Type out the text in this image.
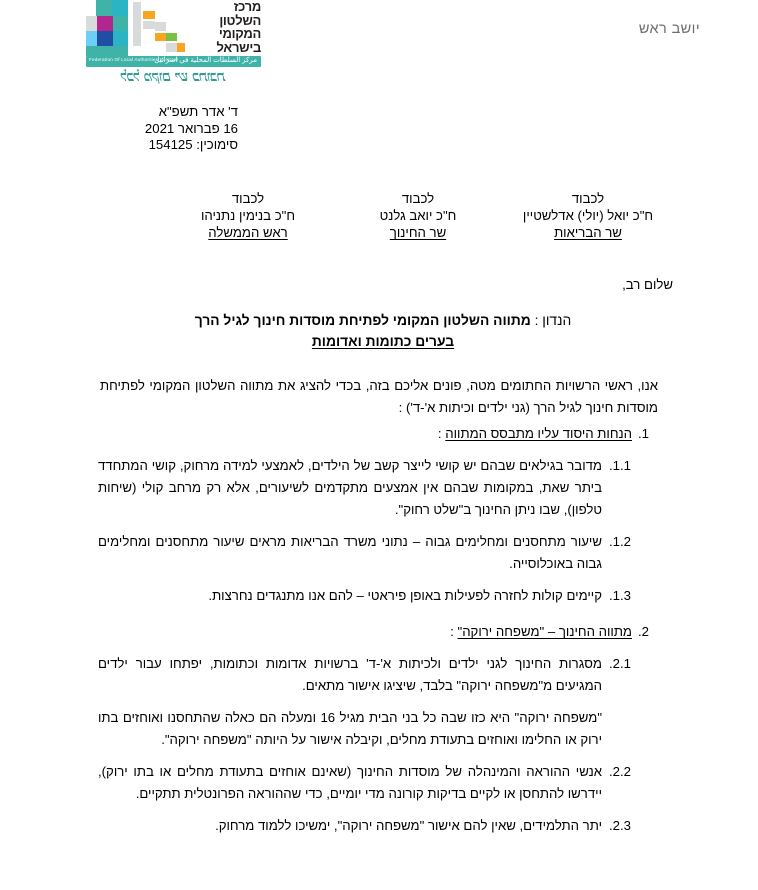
מרכז
השלטון
המקומי
בישראל
Federation Of Local Authorities In Israel
مركز السلطات المحلية في اسرائيل
לכל מקום יש כתובת
יושב ראש
ד' אדר תשפ"א
16 פברואר 2021
סימוכין: 154125
לכבוד
ח"כ יואל (יולי) אדלשטיין
שר הבריאות
לכבוד
ח"כ יואב גלנט
שר החינוך
לכבוד
ח"כ בנימין נתניהו
ראש הממשלה
שלום רב,
הנדון : מתווה השלטון המקומי לפתיחת מוסדות חינוך לגיל הרך
בערים כתומות ואדומות
אנו, ראשי הרשויות החתומים מטה, פונים אליכם בזה, בכדי להציג את מתווה השלטון המקומי לפתיחת מוסדות חינוך לגיל הרך (גני ילדים וכיתות א'-ד') :
1.
הנחות היסוד עליו מתבסס המתווה :
1.1.
מדובר בגילאים שבהם יש קושי לייצר קשב של הילדים, לאמצעי למידה מרחוק, קושי המתחדד ביתר שאת, במקומות שבהם אין אמצעים מתקדמים לשיעורים, אלא רק מרחב קולי (שיחות טלפון), שבו ניתן החינוך ב"שלט רחוק".
1.2.
שיעור מתחסנים ומחלימים גבוה – נתוני משרד הבריאות מראים שיעור מתחסנים ומחלימים גבוה באוכלוסייה.
1.3.
קיימים קולות לחזרה לפעילות באופן פיראטי – להם אנו מתנגדים נחרצות.
2.
מתווה החינוך – "משפחה ירוקה" :
2.1.
מסגרות החינוך לגני ילדים ולכיתות א'-ד' ברשויות אדומות וכתומות, יפתחו עבור ילדים המגיעים מ"משפחה ירוקה" בלבד, שיציגו אישור מתאים.
"משפחה ירוקה" היא כזו שבה כל בני הבית מגיל 16 ומעלה הם כאלה שהתחסנו ואוחזים בתו ירוק או החלימו ואוחזים בתעודת מחלים, וקיבלה אישור על היותה "משפחה ירוקה".
2.2.
אנשי ההוראה והמינהלה של מוסדות החינוך (שאינם אוחזים בתעודת מחלים או בתו ירוק), יידרשו להתחסן או לקיים בדיקות קורונה מדי יומיים, כדי שההוראה הפרונטלית תתקיים.
2.3.
יתר התלמידים, שאין להם אישור "משפחה ירוקה", ימשיכו ללמוד מרחוק.
